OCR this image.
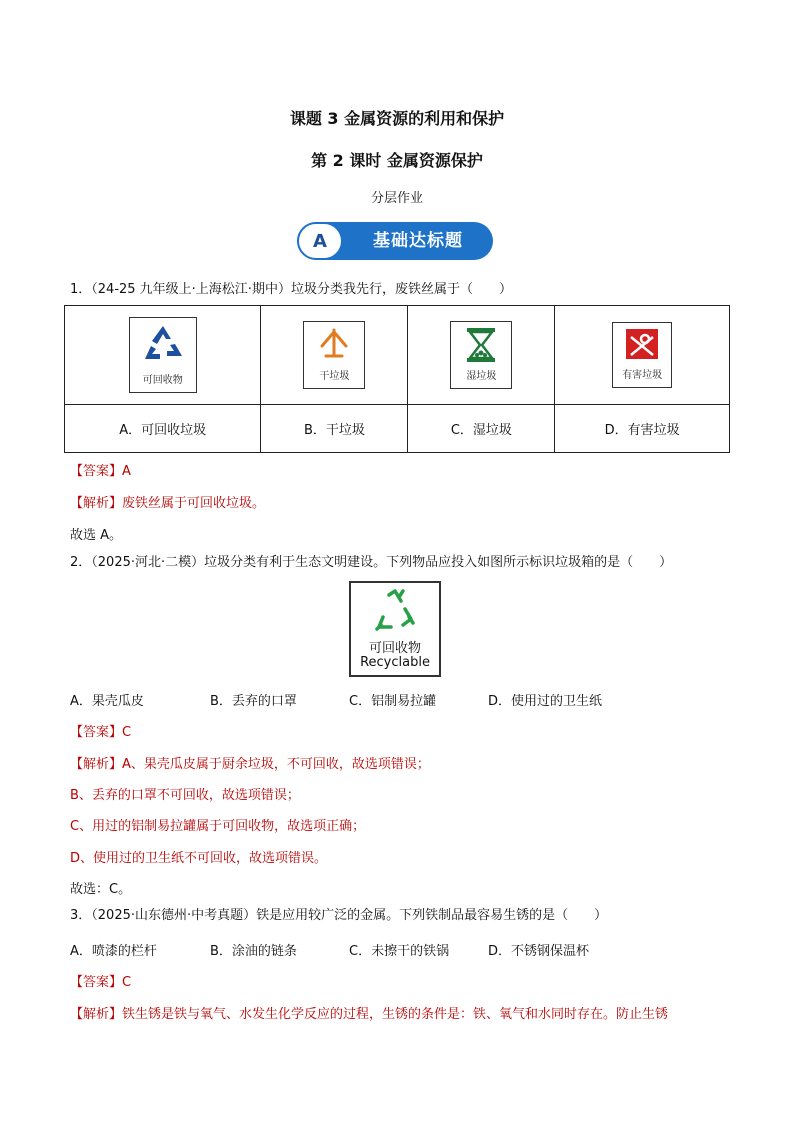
课题 3 金属资源的利用和保护
第 2 课时 金属资源保护
分层作业
A	基础达标题
1．（24-25 九年级上·上海松江·期中）垃圾分类我先行，废铁丝属于（　　）
可回收物	干垃圾	湿垃圾	有害垃圾

A．可回收垃圾	B．干垃圾	C．湿垃圾	D．有害垃圾
【答案】A
【解析】废铁丝属于可回收垃圾。
故选 A。
2．（2025·河北·二模）垃圾分类有利于生态文明建设。下列物品应投入如图所示标识垃圾箱的是（　　）
可回收物
Recyclable
A．果壳瓜皮	B．丢弃的口罩	C．铝制易拉罐	D．使用过的卫生纸
【答案】C
【解析】A、果壳瓜皮属于厨余垃圾，不可回收，故选项错误；
B、丢弃的口罩不可回收，故选项错误；
C、用过的铝制易拉罐属于可回收物，故选项正确；
D、使用过的卫生纸不可回收，故选项错误。
故选：C。
3．（2025·山东德州·中考真题）铁是应用较广泛的金属。下列铁制品最容易生锈的是（　　）
A．喷漆的栏杆	B．涂油的链条	C．未擦干的铁锅	D．不锈钢保温杯
【答案】C
【解析】铁生锈是铁与氧气、水发生化学反应的过程，生锈的条件是：铁、氧气和水同时存在。防止生锈
